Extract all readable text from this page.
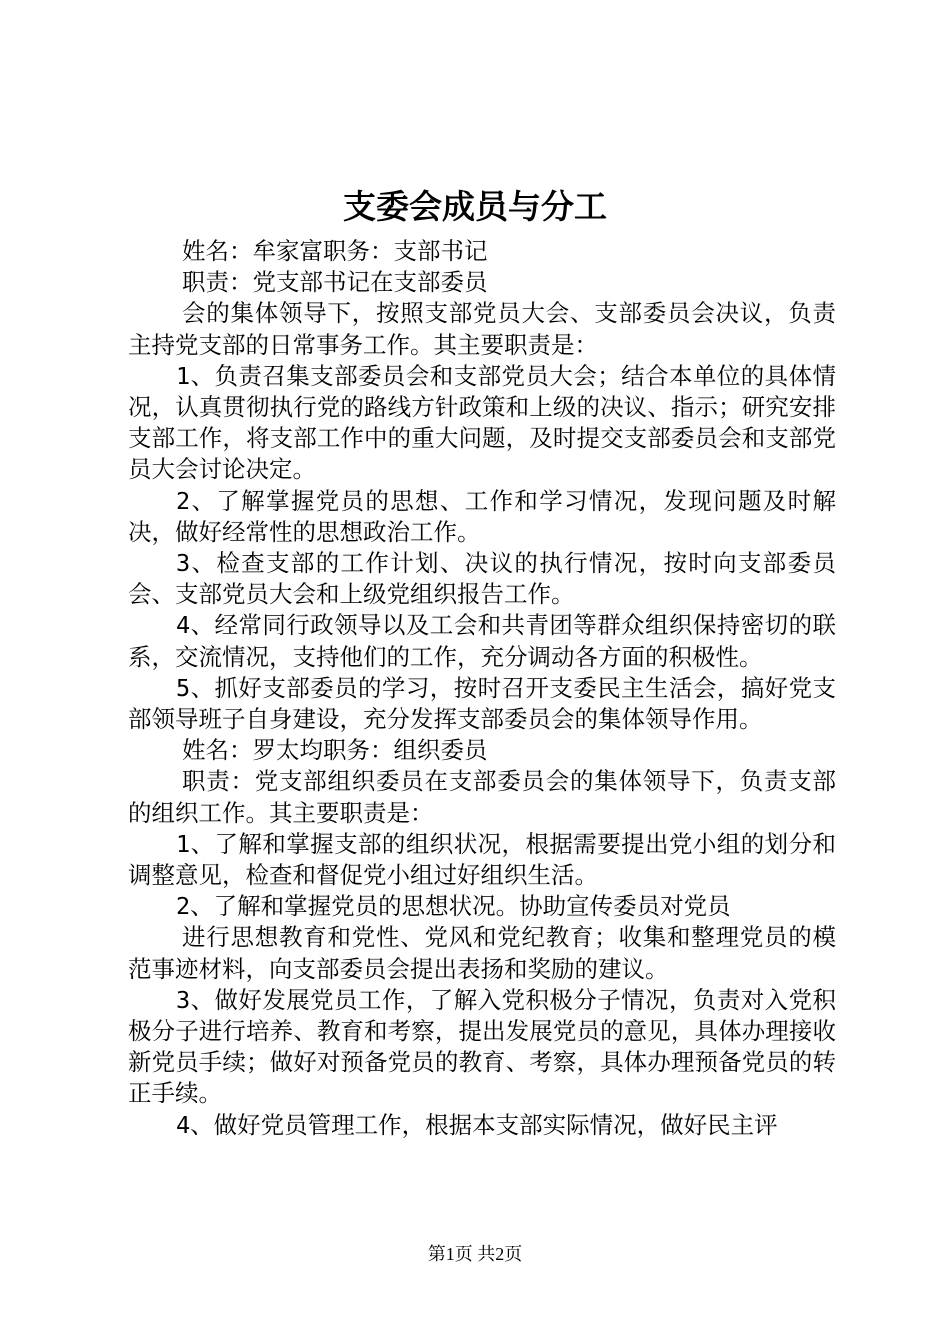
支委会成员与分工

姓名：牟家富职务：支部书记

职责：党支部书记在支部委员

会的集体领导下，按照支部党员大会、支部委员会决议，负责主持党支部的日常事务工作。其主要职责是：

1、负责召集支部委员会和支部党员大会；结合本单位的具体情况，认真贯彻执行党的路线方针政策和上级的决议、指示；研究安排支部工作，将支部工作中的重大问题，及时提交支部委员会和支部党员大会讨论决定。

2、了解掌握党员的思想、工作和学习情况，发现问题及时解决，做好经常性的思想政治工作。

3、检查支部的工作计划、决议的执行情况，按时向支部委员会、支部党员大会和上级党组织报告工作。

4、经常同行政领导以及工会和共青团等群众组织保持密切的联系，交流情况，支持他们的工作，充分调动各方面的积极性。

5、抓好支部委员的学习，按时召开支委民主生活会，搞好党支部领导班子自身建设，充分发挥支部委员会的集体领导作用。

姓名：罗太均职务：组织委员

职责：党支部组织委员在支部委员会的集体领导下，负责支部的组织工作。其主要职责是：

1、了解和掌握支部的组织状况，根据需要提出党小组的划分和调整意见，检查和督促党小组过好组织生活。

2、了解和掌握党员的思想状况。协助宣传委员对党员

进行思想教育和党性、党风和党纪教育；收集和整理党员的模范事迹材料，向支部委员会提出表扬和奖励的建议。

3、做好发展党员工作，了解入党积极分子情况，负责对入党积极分子进行培养、教育和考察，提出发展党员的意见，具体办理接收新党员手续；做好对预备党员的教育、考察，具体办理预备党员的转正手续。

4、做好党员管理工作，根据本支部实际情况，做好民主评

第1页 共2页
